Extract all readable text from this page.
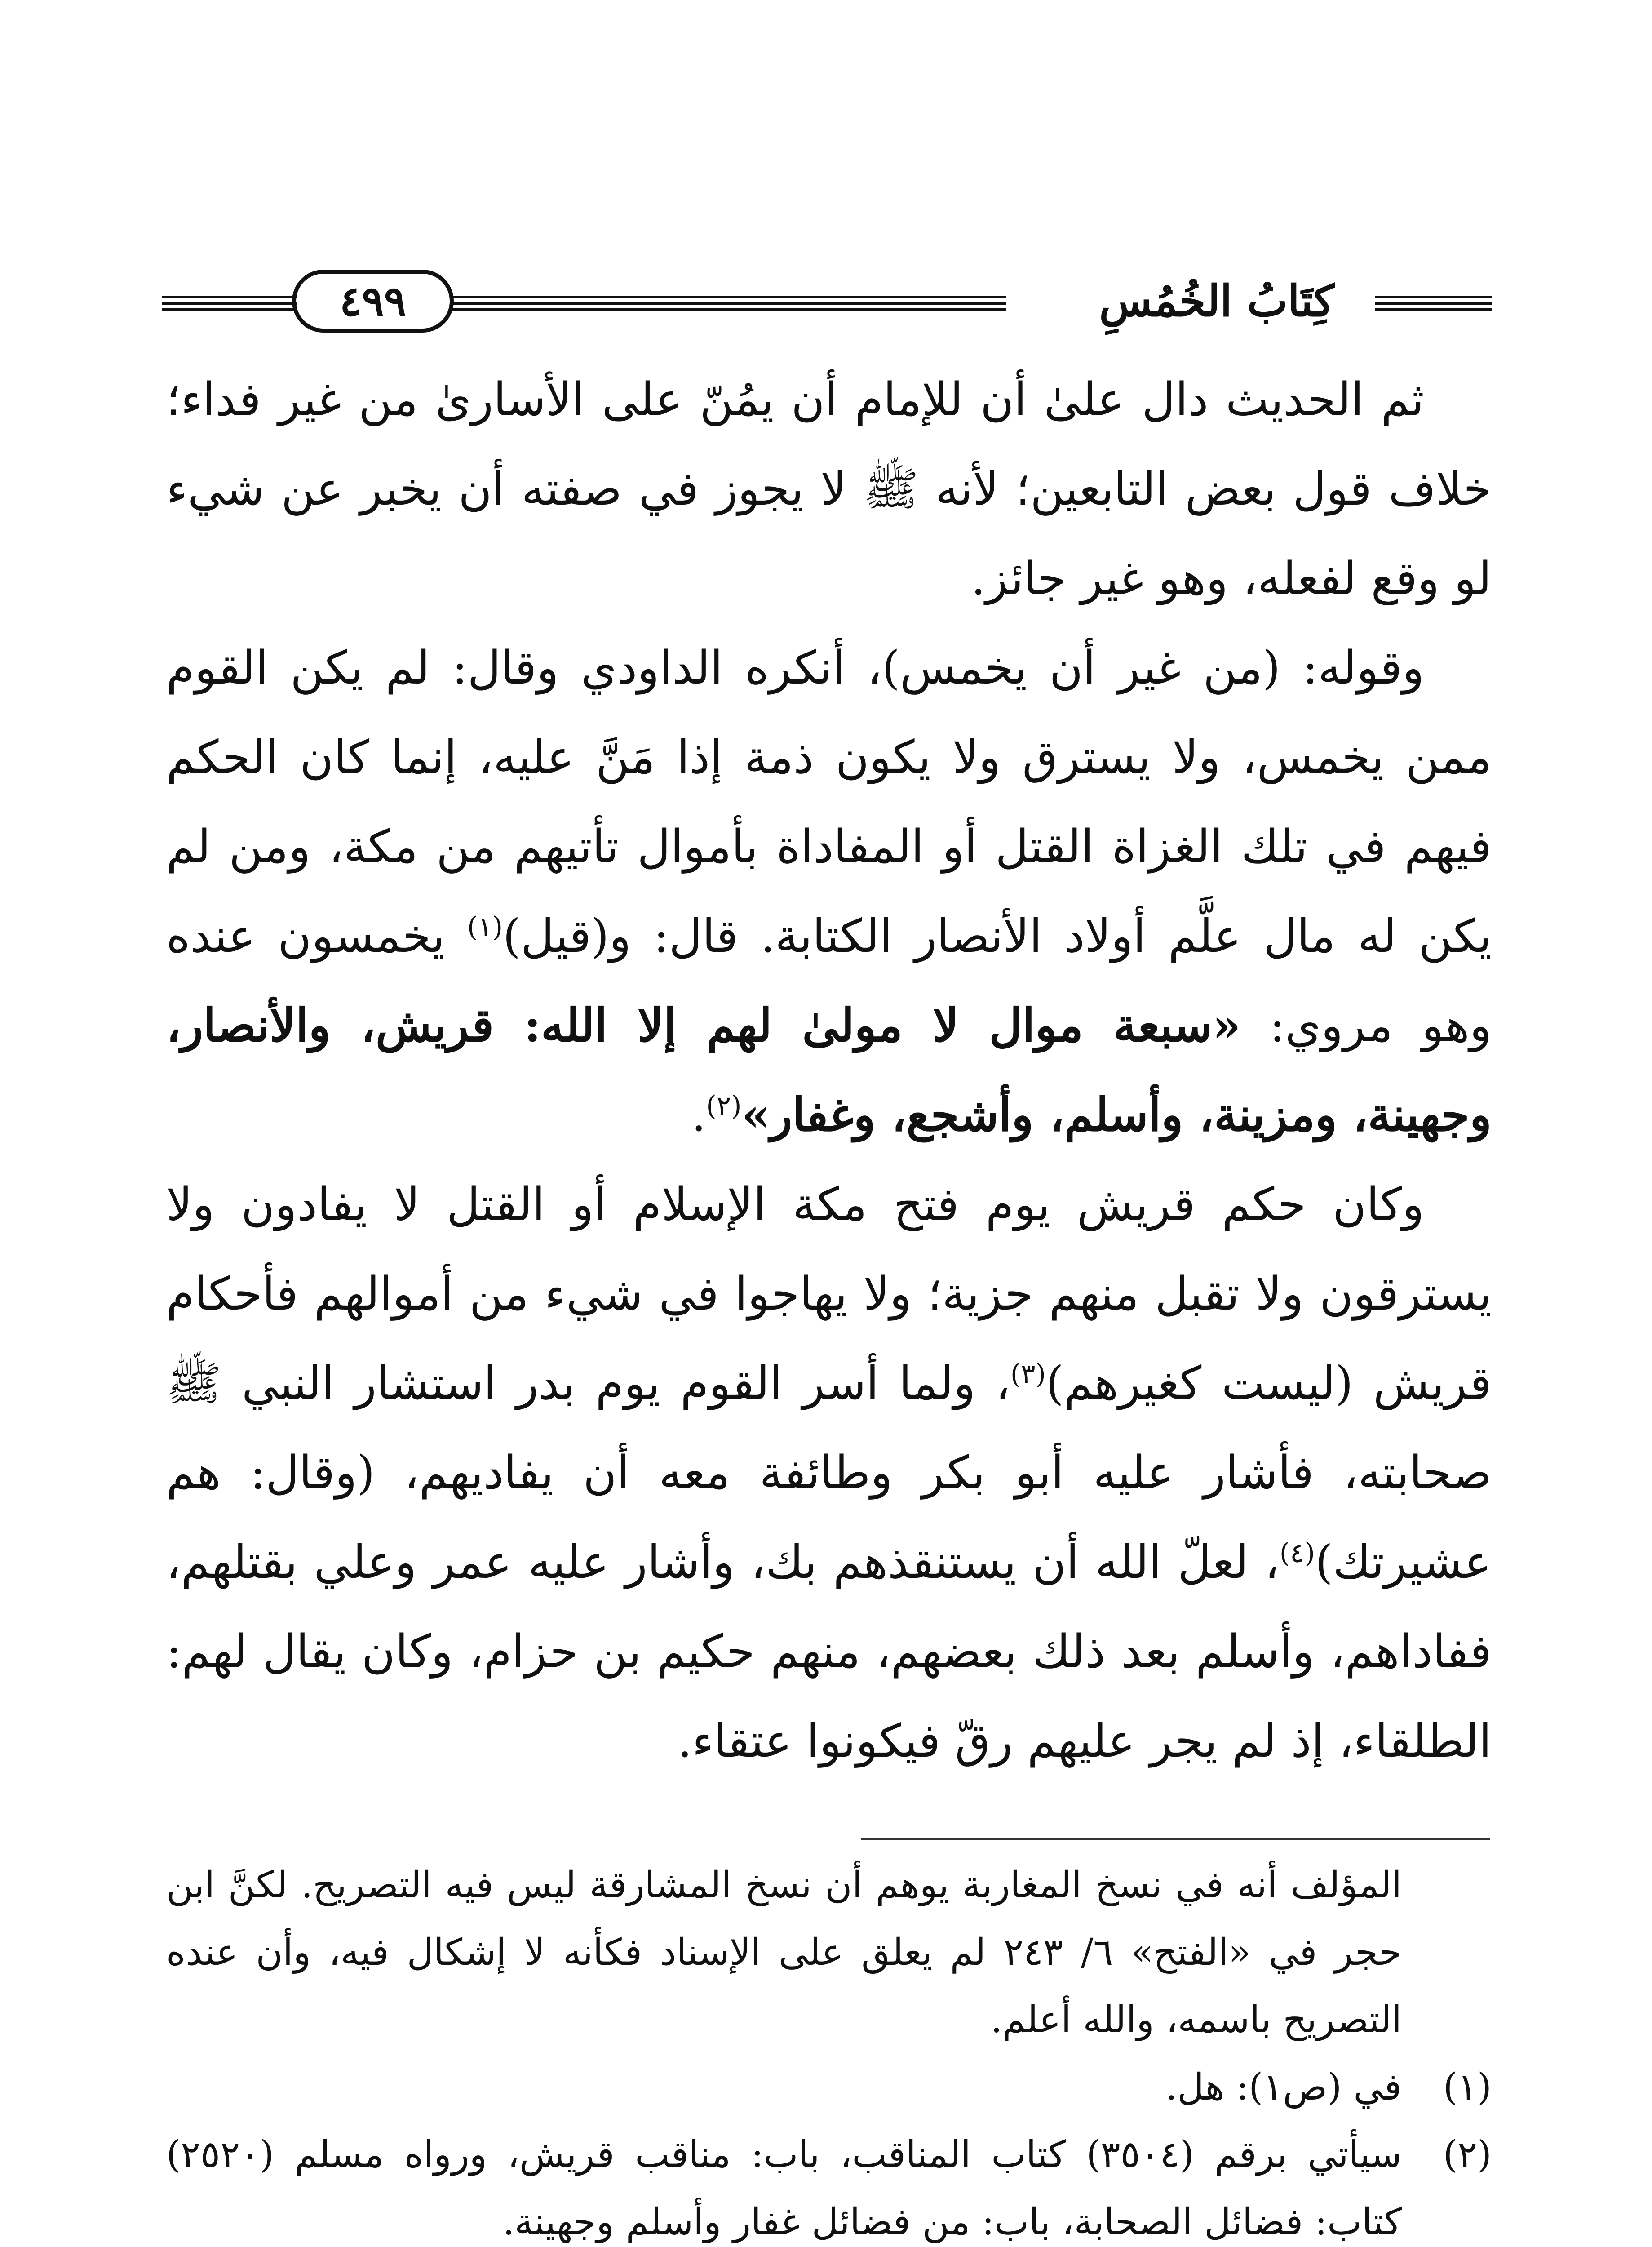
كِتَابُ الخُمُسِ
٤٩٩

ثم الحديث دال علىٰ أن للإمام أن يمُنّ على الأسارىٰ من غير فداء؛ خلاف قول بعض التابعين؛ لأنه ﷺ لا يجوز في صفته أن يخبر عن شيء لو وقع لفعله، وهو غير جائز.

وقوله: (من غير أن يخمس)، أنكره الداودي وقال: لم يكن القوم ممن يخمس، ولا يسترق ولا يكون ذمة إذا مَنَّ عليه، إنما كان الحكم فيهم في تلك الغزاة القتل أو المفاداة بأموال تأتيهم من مكة، ومن لم يكن له مال علَّم أولاد الأنصار الكتابة. قال: و(قيل)$^{(١)}$ يخمسون عنده وهو مروي: «سبعة موال لا مولىٰ لهم إلا الله: قريش، والأنصار، وجهينة، ومزينة، وأسلم، وأشجع، وغفار»$^{(٢)}$.

وكان حكم قريش يوم فتح مكة الإسلام أو القتل لا يفادون ولا يسترقون ولا تقبل منهم جزية؛ ولا يهاجوا في شيء من أموالهم فأحكام قريش (ليست كغيرهم)$^{(٣)}$، ولما أسر القوم يوم بدر استشار النبي ﷺ صحابته، فأشار عليه أبو بكر وطائفة معه أن يفاديهم، (وقال: هم عشيرتك)$^{(٤)}$، لعلّ الله أن يستنقذهم بك، وأشار عليه عمر وعلي بقتلهم، ففاداهم، وأسلم بعد ذلك بعضهم، منهم حكيم بن حزام، وكان يقال لهم: الطلقاء، إذ لم يجر عليهم رقّ فيكونوا عتقاء.

المؤلف أنه في نسخ المغاربة يوهم أن نسخ المشارقة ليس فيه التصريح. لكنَّ ابن حجر في «الفتح» ٦/ ٢٤٣ لم يعلق على الإسناد فكأنه لا إشكال فيه، وأن عنده التصريح باسمه، والله أعلم.

(١)
في (ص١): هل.
(٢)
سيأتي برقم (٣٥٠٤) كتاب المناقب، باب: مناقب قريش، ورواه مسلم (٢٥٢٠) كتاب: فضائل الصحابة، باب: من فضائل غفار وأسلم وجهينة.
